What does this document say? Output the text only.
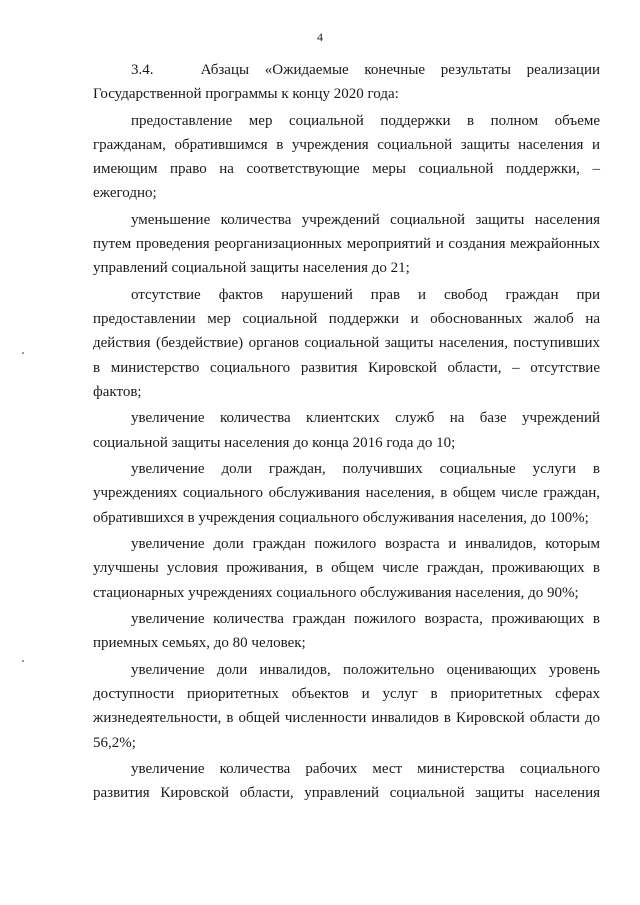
4

3.4.   Абзацы «Ожидаемые конечные результаты реализации Государственной программы к концу 2020 года:

предоставление мер социальной поддержки в полном объеме гражданам, обратившимся в учреждения социальной защиты населения и имеющим право на соответствующие меры социальной поддержки, – ежегодно;

уменьшение количества учреждений социальной защиты населения путем проведения реорганизационных мероприятий и создания межрайонных управлений социальной защиты населения до 21;

отсутствие фактов нарушений прав и свобод граждан при предоставлении мер социальной поддержки и обоснованных жалоб на действия (бездействие) органов социальной защиты населения, поступивших в министерство социального развития Кировской области, – отсутствие фактов;

увеличение количества клиентских служб на базе учреждений социальной защиты населения до конца 2016 года до 10;

увеличение доли граждан, получивших социальные услуги в учреждениях социального обслуживания населения, в общем числе граждан, обратившихся в учреждения социального обслуживания населения, до 100%;

увеличение доли граждан пожилого возраста и инвалидов, которым улучшены условия проживания, в общем числе граждан, проживающих в стационарных учреждениях социального обслуживания населения, до 90%;

увеличение количества граждан пожилого возраста, проживающих в приемных семьях, до 80 человек;

увеличение доли инвалидов, положительно оценивающих уровень доступности приоритетных объектов и услуг в приоритетных сферах жизнедеятельности, в общей численности инвалидов в Кировской области до 56,2%;

увеличение количества рабочих мест министерства социального развития Кировской области, управлений социальной защиты населения
